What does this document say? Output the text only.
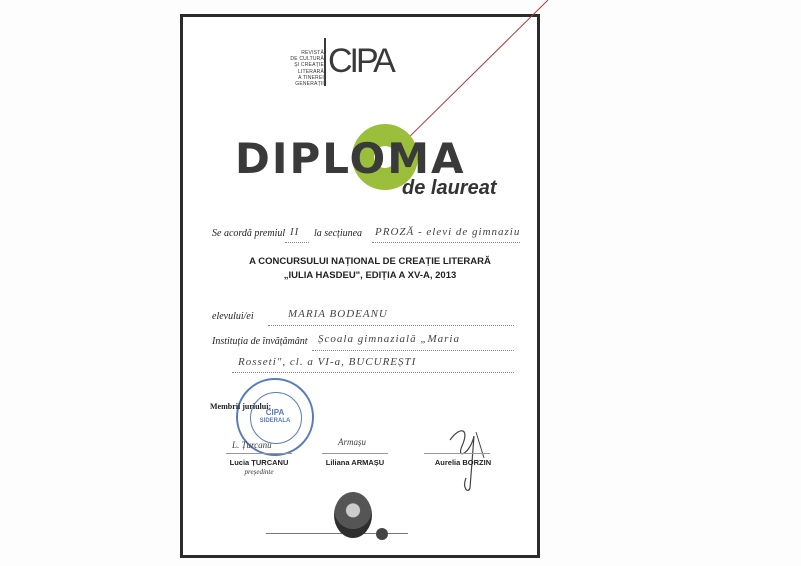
REVISTĂ
DE CULTURĂ
ȘI CREAȚIE
LITERARĂ
A TINEREI
GENERAȚII
CIPA
DIPLOMA
de laureat
Se acordă premiul II la secțiunea PROZĂ - elevi de gimnaziu
A CONCURSULUI NAȚIONAL DE CREAȚIE LITERARĂ
„IULIA HASDEU", EDIȚIA A XV-A, 2013
elevului/ei	MARIA BODEANU
Instituția de învățământ Școala gimnazială „Maria
Rosseti", cl. a VI-a, BUCUREȘTI
CIPA
SIDERALA
Membrii juriului:
L. Țurcanu
Lucia ȚURCANU
președinte
Armașu
Liliana ARMAȘU	Aurelia BORZIN
